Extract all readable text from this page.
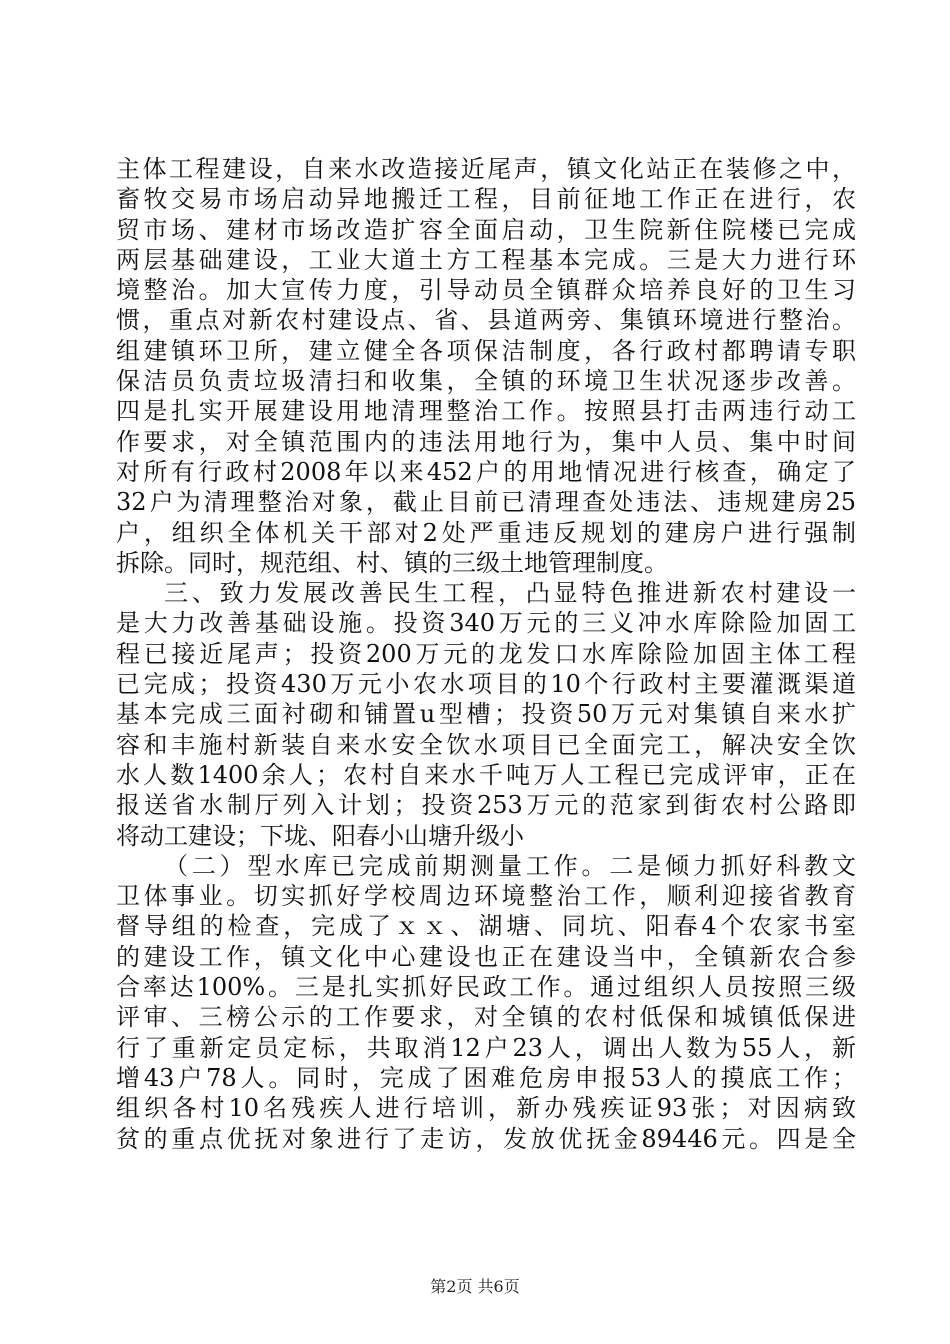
主体工程建设，自来水改造接近尾声，镇文化站正在装修之中，
畜牧交易市场启动异地搬迁工程，目前征地工作正在进行，农
贸市场、建材市场改造扩容全面启动，卫生院新住院楼已完成
两层基础建设，工业大道土方工程基本完成。三是大力进行环
境整治。加大宣传力度，引导动员全镇群众培养良好的卫生习
惯，重点对新农村建设点、省、县道两旁、集镇环境进行整治。
组建镇环卫所，建立健全各项保洁制度，各行政村都聘请专职
保洁员负责垃圾清扫和收集，全镇的环境卫生状况逐步改善。
四是扎实开展建设用地清理整治工作。按照县打击两违行动工
作要求，对全镇范围内的违法用地行为，集中人员、集中时间
对所有行政村2008年以来452户的用地情况进行核查，确定了
32户为清理整治对象，截止目前已清理查处违法、违规建房25
户，组织全体机关干部对2处严重违反规划的建房户进行强制
拆除。同时，规范组、村、镇的三级土地管理制度。
三、致力发展改善民生工程，凸显特色推进新农村建设一
是大力改善基础设施。投资340万元的三义冲水库除险加固工
程已接近尾声；投资200万元的龙发口水库除险加固主体工程
已完成；投资430万元小农水项目的10个行政村主要灌溉渠道
基本完成三面衬砌和铺置u型槽；投资50万元对集镇自来水扩
容和丰施村新装自来水安全饮水项目已全面完工，解决安全饮
水人数1400余人；农村自来水千吨万人工程已完成评审，正在
报送省水制厅列入计划；投资253万元的范家到街农村公路即
将动工建设；下垅、阳春小山塘升级小
（二）型水库已完成前期测量工作。二是倾力抓好科教文
卫体事业。切实抓好学校周边环境整治工作，顺利迎接省教育
督导组的检查，完成了ｘｘ、湖塘、同坑、阳春4个农家书室
的建设工作，镇文化中心建设也正在建设当中，全镇新农合参
合率达100%。三是扎实抓好民政工作。通过组织人员按照三级
评审、三榜公示的工作要求，对全镇的农村低保和城镇低保进
行了重新定员定标，共取消12户23人，调出人数为55人，新
增43户78人。同时，完成了困难危房申报53人的摸底工作；
组织各村10名残疾人进行培训，新办残疾证93张；对因病致
贫的重点优抚对象进行了走访，发放优抚金89446元。四是全
第2页 共6页
